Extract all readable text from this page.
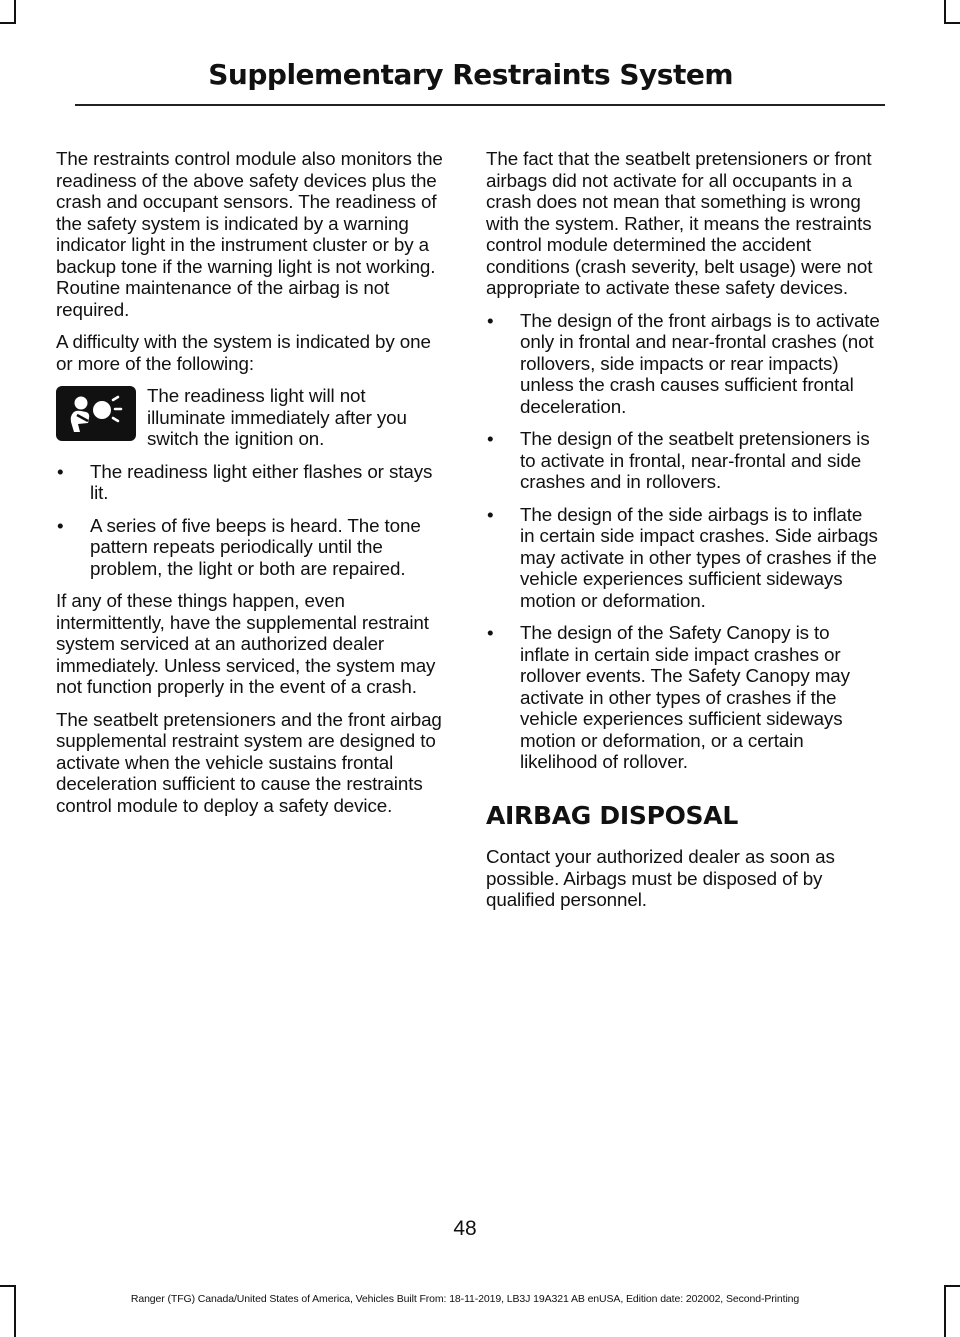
Supplementary Restraints System

The restraints control module also monitors the readiness of the above safety devices plus the crash and occupant sensors. The readiness of the safety system is indicated by a warning indicator light in the instrument cluster or by a backup tone if the warning light is not working. Routine maintenance of the airbag is not required.

A difficulty with the system is indicated by one or more of the following:

The readiness light will not illuminate immediately after you switch the ignition on.
• The readiness light either flashes or stays lit.
• A series of five beeps is heard. The tone pattern repeats periodically until the problem, the light or both are repaired.

If any of these things happen, even intermittently, have the supplemental restraint system serviced at an authorized dealer immediately. Unless serviced, the system may not function properly in the event of a crash.

The seatbelt pretensioners and the front airbag supplemental restraint system are designed to activate when the vehicle sustains frontal deceleration sufficient to cause the restraints control module to deploy a safety device.

The fact that the seatbelt pretensioners or front airbags did not activate for all occupants in a crash does not mean that something is wrong with the system. Rather, it means the restraints control module determined the accident conditions (crash severity, belt usage) were not appropriate to activate these safety devices.

• The design of the front airbags is to activate only in frontal and near-frontal crashes (not rollovers, side impacts or rear impacts) unless the crash causes sufficient frontal deceleration.
• The design of the seatbelt pretensioners is to activate in frontal, near-frontal and side crashes and in rollovers.
• The design of the side airbags is to inflate in certain side impact crashes. Side airbags may activate in other types of crashes if the vehicle experiences sufficient sideways motion or deformation.
• The design of the Safety Canopy is to inflate in certain side impact crashes or rollover events. The Safety Canopy may activate in other types of crashes if the vehicle experiences sufficient sideways motion or deformation, or a certain likelihood of rollover.
AIRBAG DISPOSAL

Contact your authorized dealer as soon as possible. Airbags must be disposed of by qualified personnel.

48
Ranger (TFG) Canada/United States of America, Vehicles Built From: 18-11-2019, LB3J 19A321 AB enUSA, Edition date: 202002, Second-Printing
